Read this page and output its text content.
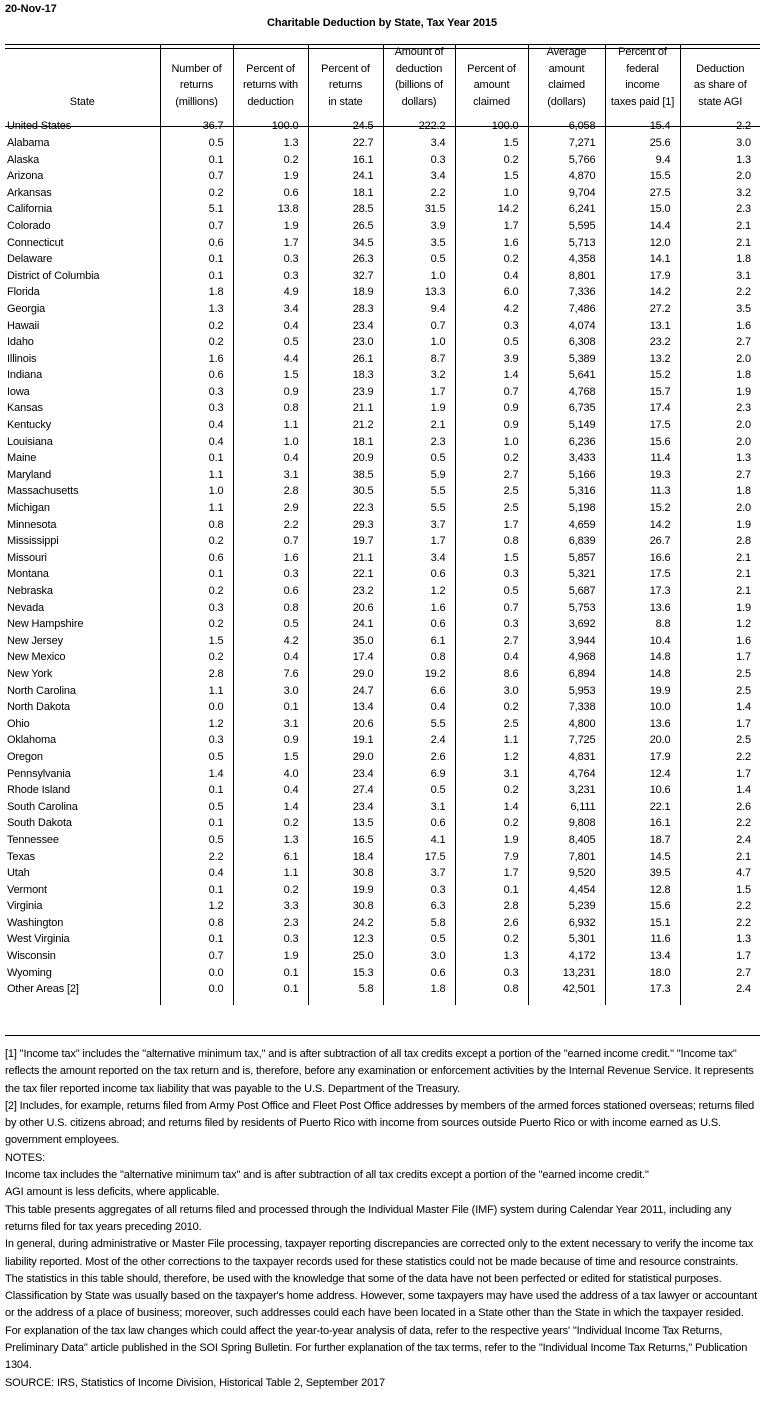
20-Nov-17
Charitable Deduction by State, Tax Year 2015
State	Number of
returns
(millions)	Percent of
returns with
deduction	Percent of
returns
in state	Amount of
deduction
(billions of
dollars)	Percent of
amount
claimed	Average
amount
claimed
(dollars)	Percent of
federal
income
taxes paid [1]	Deduction
as share of
state AGI

United States	36.7	100.0	24.5	222.2	100.0	6,058	15.4	2.2
Alabama	0.5	1.3	22.7	3.4	1.5	7,271	25.6	3.0
Alaska	0.1	0.2	16.1	0.3	0.2	5,766	9.4	1.3
Arizona	0.7	1.9	24.1	3.4	1.5	4,870	15.5	2.0
Arkansas	0.2	0.6	18.1	2.2	1.0	9,704	27.5	3.2
California	5.1	13.8	28.5	31.5	14.2	6,241	15.0	2.3
Colorado	0.7	1.9	26.5	3.9	1.7	5,595	14.4	2.1
Connecticut	0.6	1.7	34.5	3.5	1.6	5,713	12.0	2.1
Delaware	0.1	0.3	26.3	0.5	0.2	4,358	14.1	1.8
District of Columbia	0.1	0.3	32.7	1.0	0.4	8,801	17.9	3.1
Florida	1.8	4.9	18.9	13.3	6.0	7,336	14.2	2.2
Georgia	1.3	3.4	28.3	9.4	4.2	7,486	27.2	3.5
Hawaii	0.2	0.4	23.4	0.7	0.3	4,074	13.1	1.6
Idaho	0.2	0.5	23.0	1.0	0.5	6,308	23.2	2.7
Illinois	1.6	4.4	26.1	8.7	3.9	5,389	13.2	2.0
Indiana	0.6	1.5	18.3	3.2	1.4	5,641	15.2	1.8
Iowa	0.3	0.9	23.9	1.7	0.7	4,768	15.7	1.9
Kansas	0.3	0.8	21.1	1.9	0.9	6,735	17.4	2.3
Kentucky	0.4	1.1	21.2	2.1	0.9	5,149	17.5	2.0
Louisiana	0.4	1.0	18.1	2.3	1.0	6,236	15.6	2.0
Maine	0.1	0.4	20.9	0.5	0.2	3,433	11.4	1.3
Maryland	1.1	3.1	38.5	5.9	2.7	5,166	19.3	2.7
Massachusetts	1.0	2.8	30.5	5.5	2.5	5,316	11.3	1.8
Michigan	1.1	2.9	22.3	5.5	2.5	5,198	15.2	2.0
Minnesota	0.8	2.2	29.3	3.7	1.7	4,659	14.2	1.9
Mississippi	0.2	0.7	19.7	1.7	0.8	6,839	26.7	2.8
Missouri	0.6	1.6	21.1	3.4	1.5	5,857	16.6	2.1
Montana	0.1	0.3	22.1	0.6	0.3	5,321	17.5	2.1
Nebraska	0.2	0.6	23.2	1.2	0.5	5,687	17.3	2.1
Nevada	0.3	0.8	20.6	1.6	0.7	5,753	13.6	1.9
New Hampshire	0.2	0.5	24.1	0.6	0.3	3,692	8.8	1.2
New Jersey	1.5	4.2	35.0	6.1	2.7	3,944	10.4	1.6
New Mexico	0.2	0.4	17.4	0.8	0.4	4,968	14.8	1.7
New York	2.8	7.6	29.0	19.2	8.6	6,894	14.8	2.5
North Carolina	1.1	3.0	24.7	6.6	3.0	5,953	19.9	2.5
North Dakota	0.0	0.1	13.4	0.4	0.2	7,338	10.0	1.4
Ohio	1.2	3.1	20.6	5.5	2.5	4,800	13.6	1.7
Oklahoma	0.3	0.9	19.1	2.4	1.1	7,725	20.0	2.5
Oregon	0.5	1.5	29.0	2.6	1.2	4,831	17.9	2.2
Pennsylvania	1.4	4.0	23.4	6.9	3.1	4,764	12.4	1.7
Rhode Island	0.1	0.4	27.4	0.5	0.2	3,231	10.6	1.4
South Carolina	0.5	1.4	23.4	3.1	1.4	6,111	22.1	2.6
South Dakota	0.1	0.2	13.5	0.6	0.2	9,808	16.1	2.2
Tennessee	0.5	1.3	16.5	4.1	1.9	8,405	18.7	2.4
Texas	2.2	6.1	18.4	17.5	7.9	7,801	14.5	2.1
Utah	0.4	1.1	30.8	3.7	1.7	9,520	39.5	4.7
Vermont	0.1	0.2	19.9	0.3	0.1	4,454	12.8	1.5
Virginia	1.2	3.3	30.8	6.3	2.8	5,239	15.6	2.2
Washington	0.8	2.3	24.2	5.8	2.6	6,932	15.1	2.2
West Virginia	0.1	0.3	12.3	0.5	0.2	5,301	11.6	1.3
Wisconsin	0.7	1.9	25.0	3.0	1.3	4,172	13.4	1.7
Wyoming	0.0	0.1	15.3	0.6	0.3	13,231	18.0	2.7
Other Areas [2]	0.0	0.1	5.8	1.8	0.8	42,501	17.3	2.4

[1] "Income tax" includes the "alternative minimum tax," and is after subtraction of all tax credits except a portion of the "earned income credit." "Income tax" reflects the amount reported on the tax return and is, therefore, before any examination or enforcement activities by the Internal Revenue Service. It represents the tax filer reported income tax liability that was payable to the U.S. Department of the Treasury.

[2] Includes, for example, returns filed from Army Post Office and Fleet Post Office addresses by members of the armed forces stationed overseas; returns filed by other U.S. citizens abroad; and returns filed by residents of Puerto Rico with income from sources outside Puerto Rico or with income earned as U.S. government employees.

NOTES:

Income tax includes the "alternative minimum tax" and is after subtraction of all tax credits except a portion of the "earned income credit."

AGI amount is less deficits, where applicable.

This table presents aggregates of all returns filed and processed through the Individual Master File (IMF) system during Calendar Year 2011, including any returns filed for tax years preceding 2010.

In general, during administrative or Master File processing, taxpayer reporting discrepancies are corrected only to the extent necessary to verify the income tax liability reported. Most of the other corrections to the taxpayer records used for these statistics could not be made because of time and resource constraints. The statistics in this table should, therefore, be used with the knowledge that some of the data have not been perfected or edited for statistical purposes.

Classification by State was usually based on the taxpayer's home address. However, some taxpayers may have used the address of a tax lawyer or accountant or the address of a place of business; moreover, such addresses could each have been located in a State other than the State in which the taxpayer resided.

For explanation of the tax law changes which could affect the year-to-year analysis of data, refer to the respective years' "Individual Income Tax Returns, Preliminary Data" article published in the SOI Spring Bulletin. For further explanation of the tax terms, refer to the "Individual Income Tax Returns," Publication 1304.

SOURCE: IRS, Statistics of Income Division, Historical Table 2, September 2017
